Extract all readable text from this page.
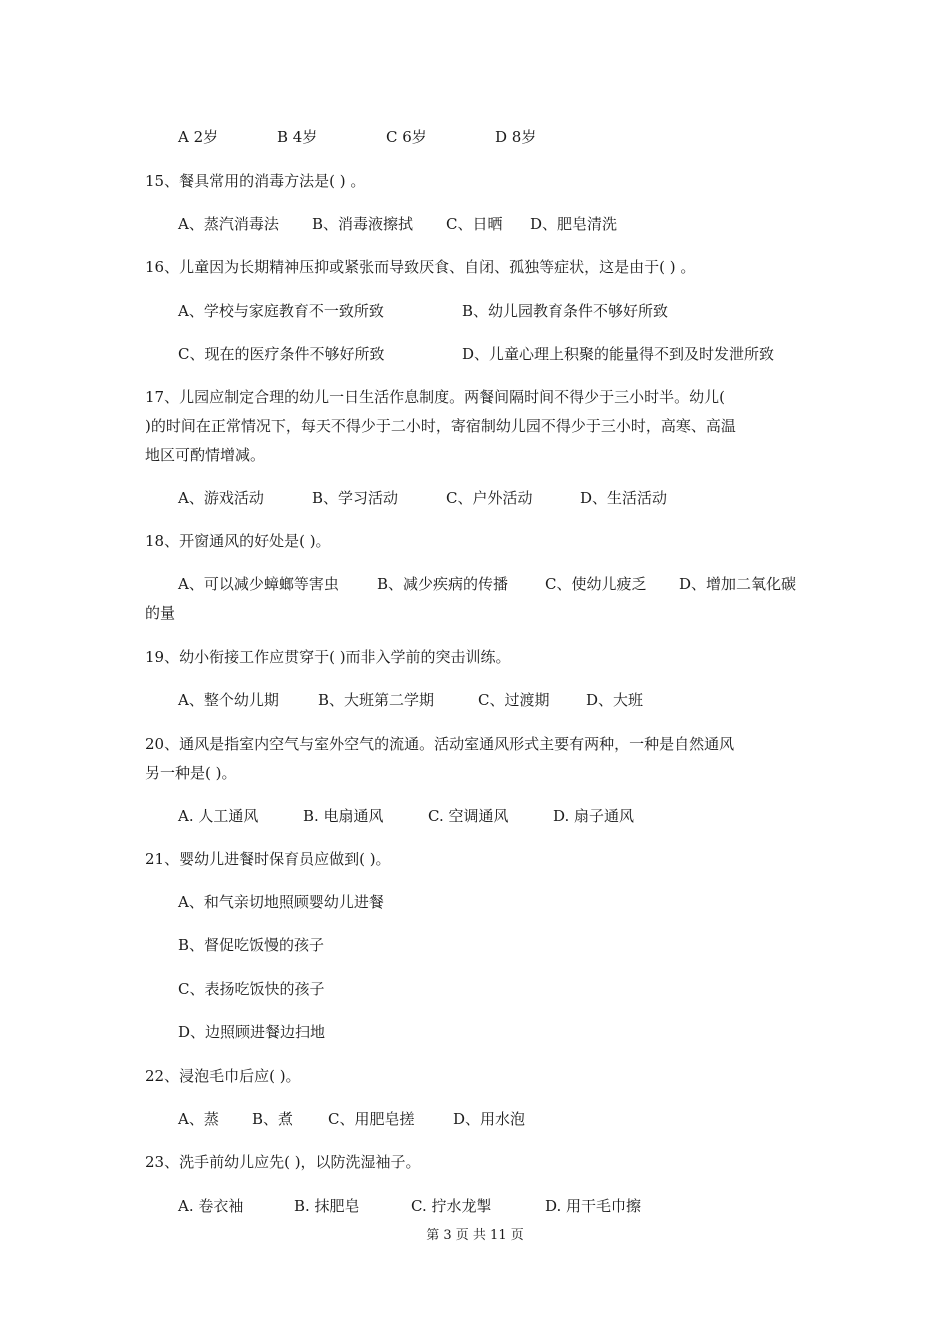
A 2岁	B 4岁	C 6岁	D 8岁
15、餐具常用的消毒方法是( ) 。
A、蒸汽消毒法 B、消毒液擦拭 C、日晒 D、肥皂清洗
16、儿童因为长期精神压抑或紧张而导致厌食、自闭、孤独等症状，这是由于( ) 。
A、学校与家庭教育不一致所致	B、幼儿园教育条件不够好所致
C、现在的医疗条件不够好所致	D、儿童心理上积聚的能量得不到及时发泄所致
17、儿园应制定合理的幼儿一日生活作息制度。两餐间隔时间不得少于三小时半。幼儿(
)的时间在正常情况下，每天不得少于二小时，寄宿制幼儿园不得少于三小时，高寒、高温
地区可酌情增减。
A、游戏活动	B、学习活动	C、户外活动	D、生活活动
18、开窗通风的好处是( )。
A、可以减少蟑螂等害虫	B、减少疾病的传播 C、使幼儿疲乏 D、增加二氧化碳
的量
19、幼小衔接工作应贯穿于( )而非入学前的突击训练。
A、整个幼儿期	B、大班第二学期	C、过渡期 D、大班
20、通风是指室内空气与室外空气的流通。活动室通风形式主要有两种，一种是自然通风
另一种是( )。
A. 人工通风	B. 电扇通风	C. 空调通风	D. 扇子通风
21、婴幼儿进餐时保育员应做到( )。
A、和气亲切地照顾婴幼儿进餐
B、督促吃饭慢的孩子
C、表扬吃饭快的孩子
D、边照顾进餐边扫地
22、浸泡毛巾后应( )。
A、蒸 B、煮 C、用肥皂搓	D、用水泡
23、洗手前幼儿应先( )，以防洗湿袖子。
A. 卷衣袖	B. 抹肥皂	C. 拧水龙掣	D. 用干毛巾擦
第 3 页 共 11 页
